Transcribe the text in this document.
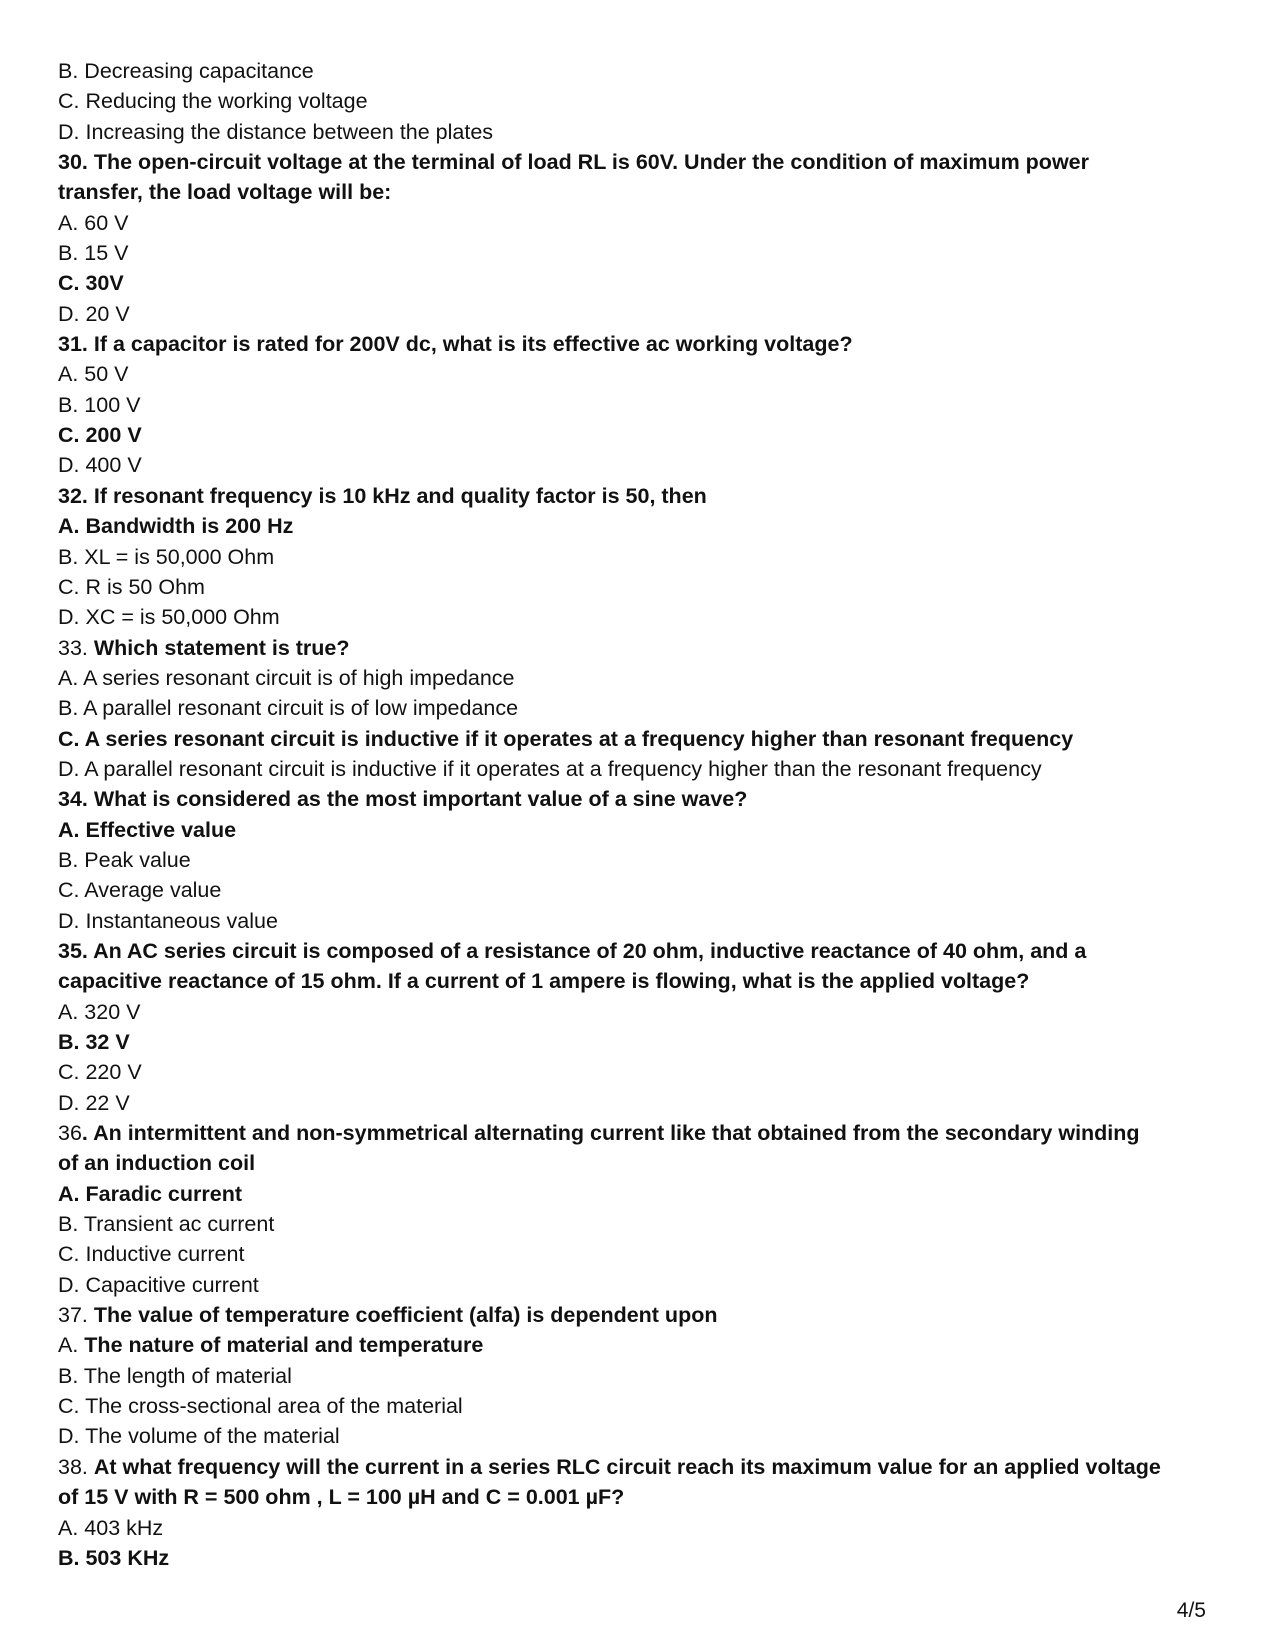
B. Decreasing capacitance
C. Reducing the working voltage
D. Increasing the distance between the plates
30. The open-circuit voltage at the terminal of load RL is 60V. Under the condition of maximum power
transfer, the load voltage will be:
A. 60 V
B. 15 V
C. 30V
D. 20 V
31. If a capacitor is rated for 200V dc, what is its effective ac working voltage?
A. 50 V
B. 100 V
C. 200 V
D. 400 V
32. If resonant frequency is 10 kHz and quality factor is 50, then
A. Bandwidth is 200 Hz
B. XL = is 50,000 Ohm
C. R is 50 Ohm
D. XC = is 50,000 Ohm
33. Which statement is true?
A. A series resonant circuit is of high impedance
B. A parallel resonant circuit is of low impedance
C. A series resonant circuit is inductive if it operates at a frequency higher than resonant frequency
D. A parallel resonant circuit is inductive if it operates at a frequency higher than the resonant frequency
34. What is considered as the most important value of a sine wave?
A. Effective value
B. Peak value
C. Average value
D. Instantaneous value
35. An AC series circuit is composed of a resistance of 20 ohm, inductive reactance of 40 ohm, and a
capacitive reactance of 15 ohm. If a current of 1 ampere is flowing, what is the applied voltage?
A. 320 V
B. 32 V
C. 220 V
D. 22 V
36. An intermittent and non-symmetrical alternating current like that obtained from the secondary winding
of an induction coil
A. Faradic current
B. Transient ac current
C. Inductive current
D. Capacitive current
37. The value of temperature coefficient (alfa) is dependent upon
A. The nature of material and temperature
B. The length of material
C. The cross-sectional area of the material
D. The volume of the material
38. At what frequency will the current in a series RLC circuit reach its maximum value for an applied voltage
of 15 V with R = 500 ohm , L = 100 µH and C = 0.001 µF?
A. 403 kHz
B. 503 KHz
4/5
